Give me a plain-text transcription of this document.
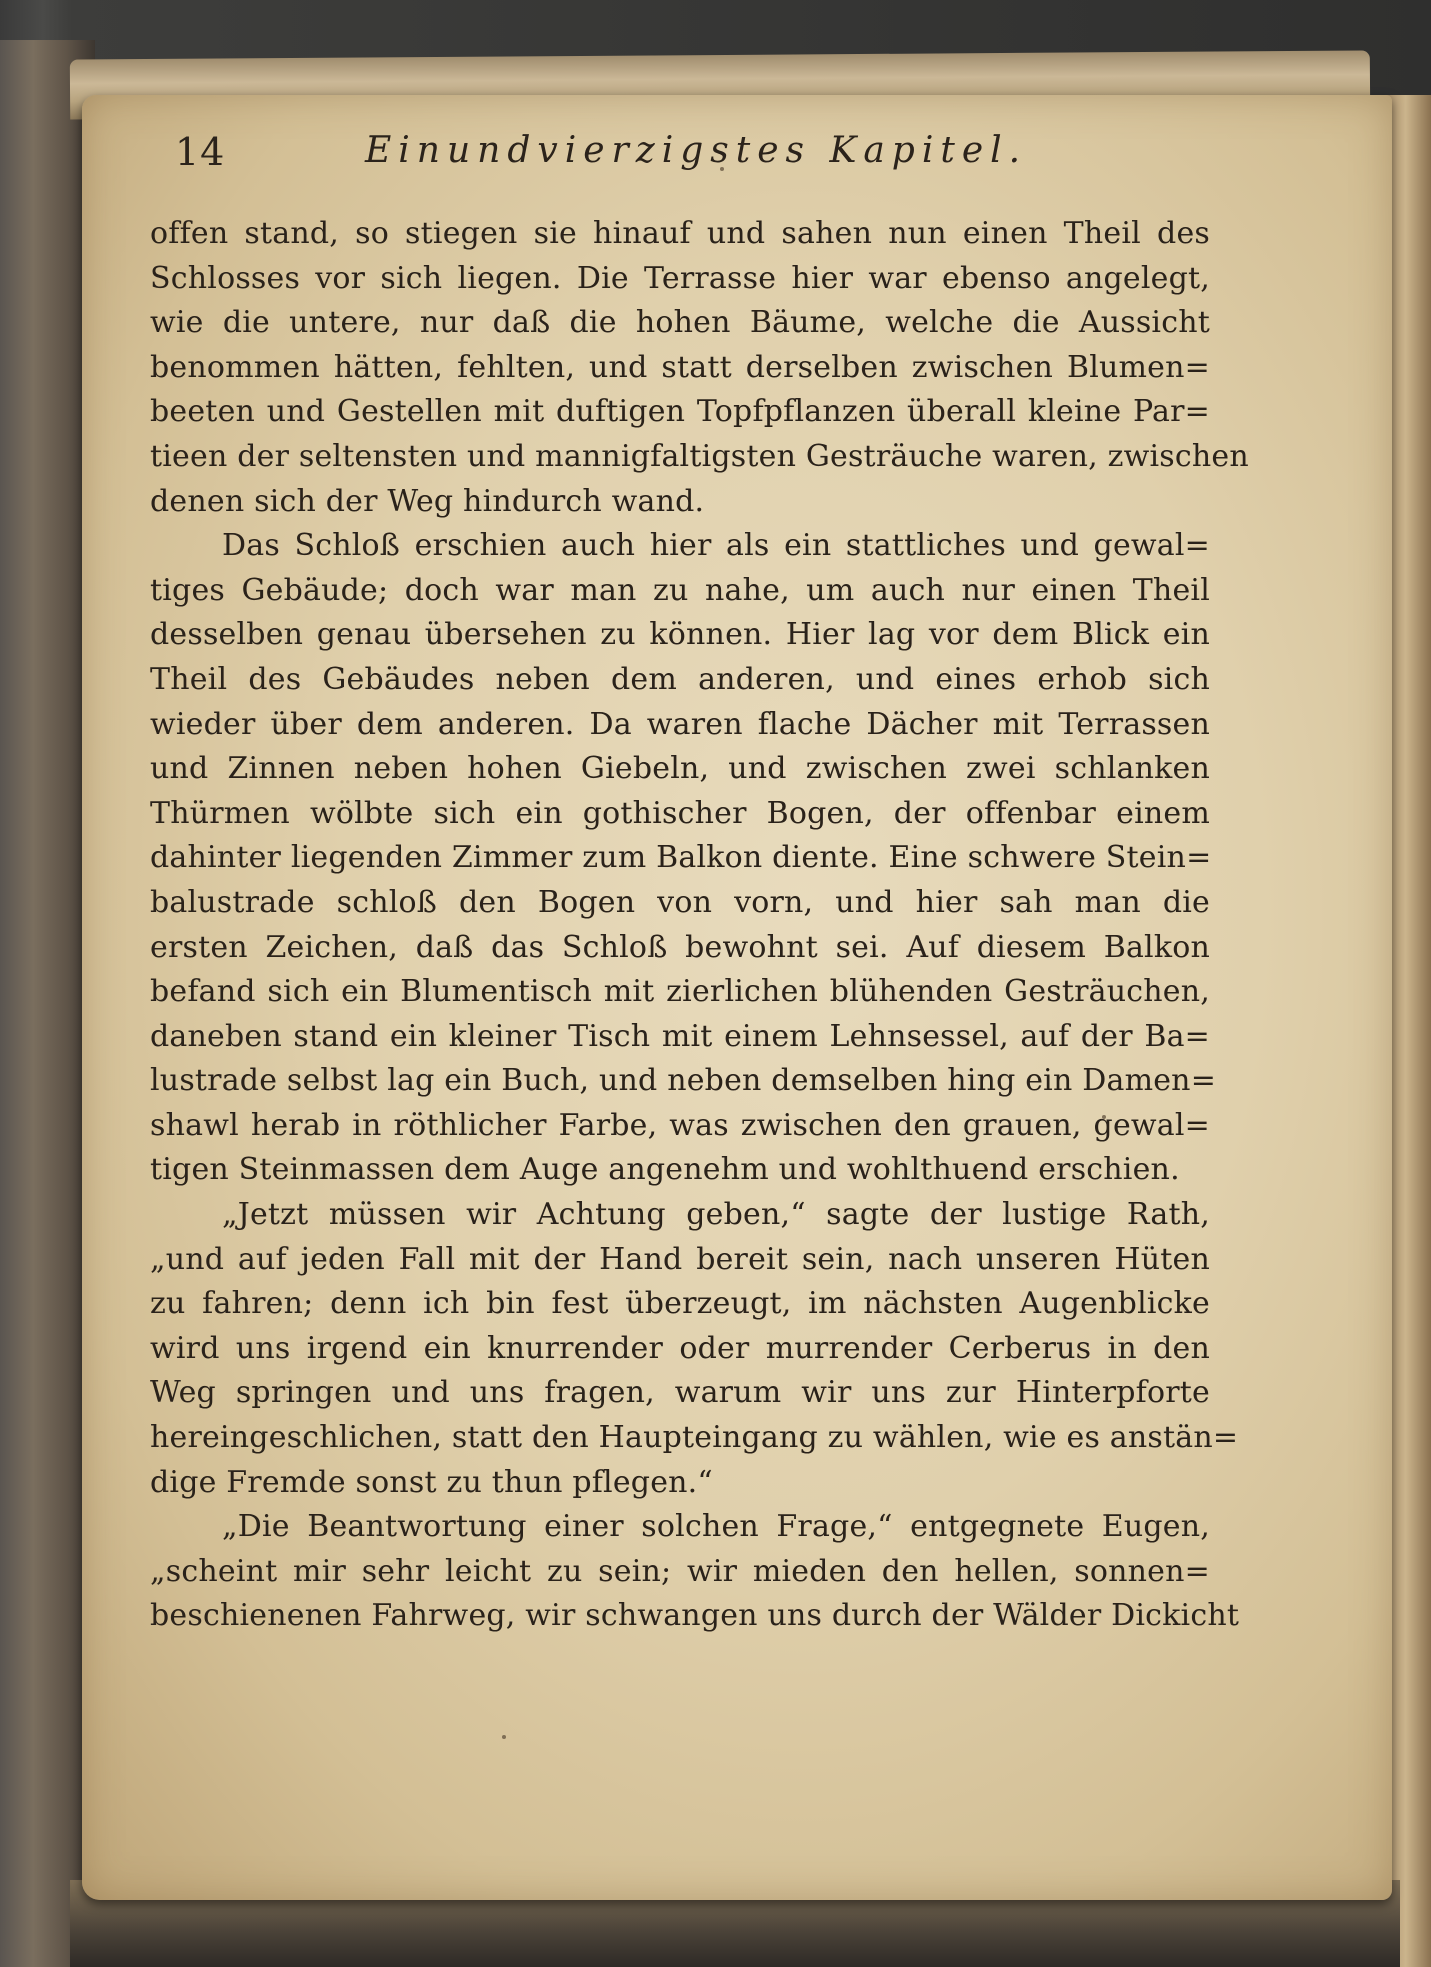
14	Einundvierzigstes Kapitel.
offen stand, so stiegen sie hinauf und sahen nun einen Theil des
Schlosses vor sich liegen. Die Terrasse hier war ebenso angelegt,
wie die untere, nur daß die hohen Bäume, welche die Aussicht
benommen hätten, fehlten, und statt derselben zwischen Blumen=
beeten und Gestellen mit duftigen Topfpflanzen überall kleine Par=
tieen der seltensten und mannigfaltigsten Gesträuche waren, zwischen
denen sich der Weg hindurch wand.
Das Schloß erschien auch hier als ein stattliches und gewal=
tiges Gebäude; doch war man zu nahe, um auch nur einen Theil
desselben genau übersehen zu können. Hier lag vor dem Blick ein
Theil des Gebäudes neben dem anderen, und eines erhob sich
wieder über dem anderen. Da waren flache Dächer mit Terrassen
und Zinnen neben hohen Giebeln, und zwischen zwei schlanken
Thürmen wölbte sich ein gothischer Bogen, der offenbar einem
dahinter liegenden Zimmer zum Balkon diente. Eine schwere Stein=
balustrade schloß den Bogen von vorn, und hier sah man die
ersten Zeichen, daß das Schloß bewohnt sei. Auf diesem Balkon
befand sich ein Blumentisch mit zierlichen blühenden Gesträuchen,
daneben stand ein kleiner Tisch mit einem Lehnsessel, auf der Ba=
lustrade selbst lag ein Buch, und neben demselben hing ein Damen=
shawl herab in röthlicher Farbe, was zwischen den grauen, gewal=
tigen Steinmassen dem Auge angenehm und wohlthuend erschien.
„Jetzt müssen wir Achtung geben,“ sagte der lustige Rath,
„und auf jeden Fall mit der Hand bereit sein, nach unseren Hüten
zu fahren; denn ich bin fest überzeugt, im nächsten Augenblicke
wird uns irgend ein knurrender oder murrender Cerberus in den
Weg springen und uns fragen, warum wir uns zur Hinterpforte
hereingeschlichen, statt den Haupteingang zu wählen, wie es anstän=
dige Fremde sonst zu thun pflegen.“
„Die Beantwortung einer solchen Frage,“ entgegnete Eugen,
„scheint mir sehr leicht zu sein; wir mieden den hellen, sonnen=
beschienenen Fahrweg, wir schwangen uns durch der Wälder Dickicht
